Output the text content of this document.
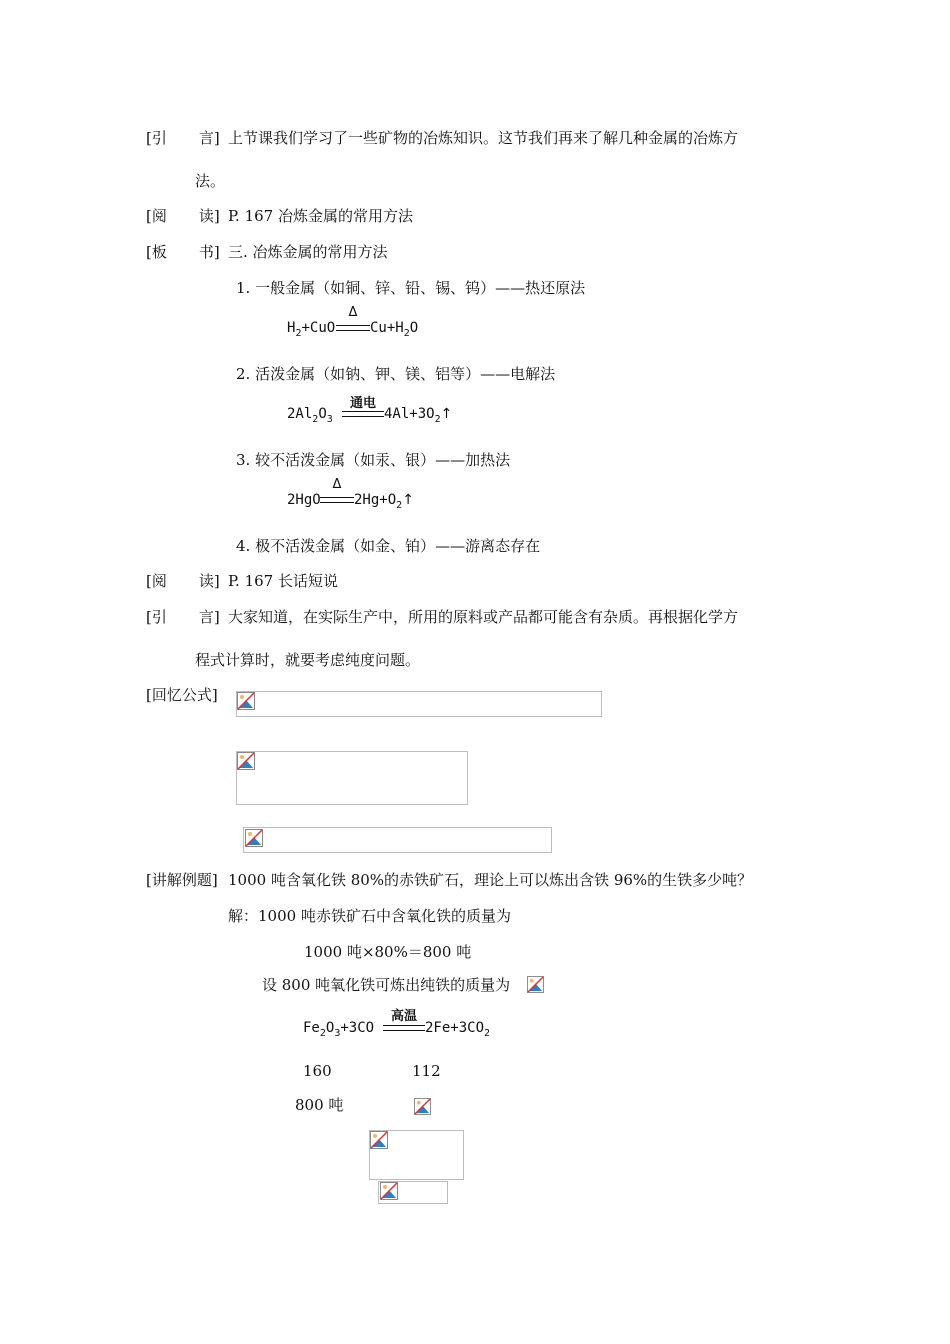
[引 言] 上节课我们学习了一些矿物的冶炼知识。这节我们再来了解几种金属的冶炼方
法。
[阅 读] P. 167 冶炼金属的常用方法
[板 书] 三. 冶炼金属的常用方法
1. 一般金属（如铜、锌、铅、锡、钨）——热还原法
$H_2+CuO$
Δ
$Cu+H_2O$
2. 活泼金属（如钠、钾、镁、铝等）——电解法
$2Al_2O_3$
通电
$4Al+3O_2↑$
3. 较不活泼金属（如汞、银）——加热法
2HgO
Δ
$2Hg+O_2↑$
4. 极不活泼金属（如金、铂）——游离态存在
[阅 读] P. 167 长话短说
[引 言] 大家知道，在实际生产中，所用的原料或产品都可能含有杂质。再根据化学方
程式计算时，就要考虑纯度问题。
[回忆公式]
[讲解例题] 1000 吨含氧化铁 80%的赤铁矿石，理论上可以炼出含铁 96%的生铁多少吨？
解：1000 吨赤铁矿石中含氧化铁的质量为
1000 吨×80%＝800 吨
设 800 吨氧化铁可炼出纯铁的质量为
$Fe_2O_3+3CO$
高温
$2Fe+3CO_2$
160	112
800 吨
